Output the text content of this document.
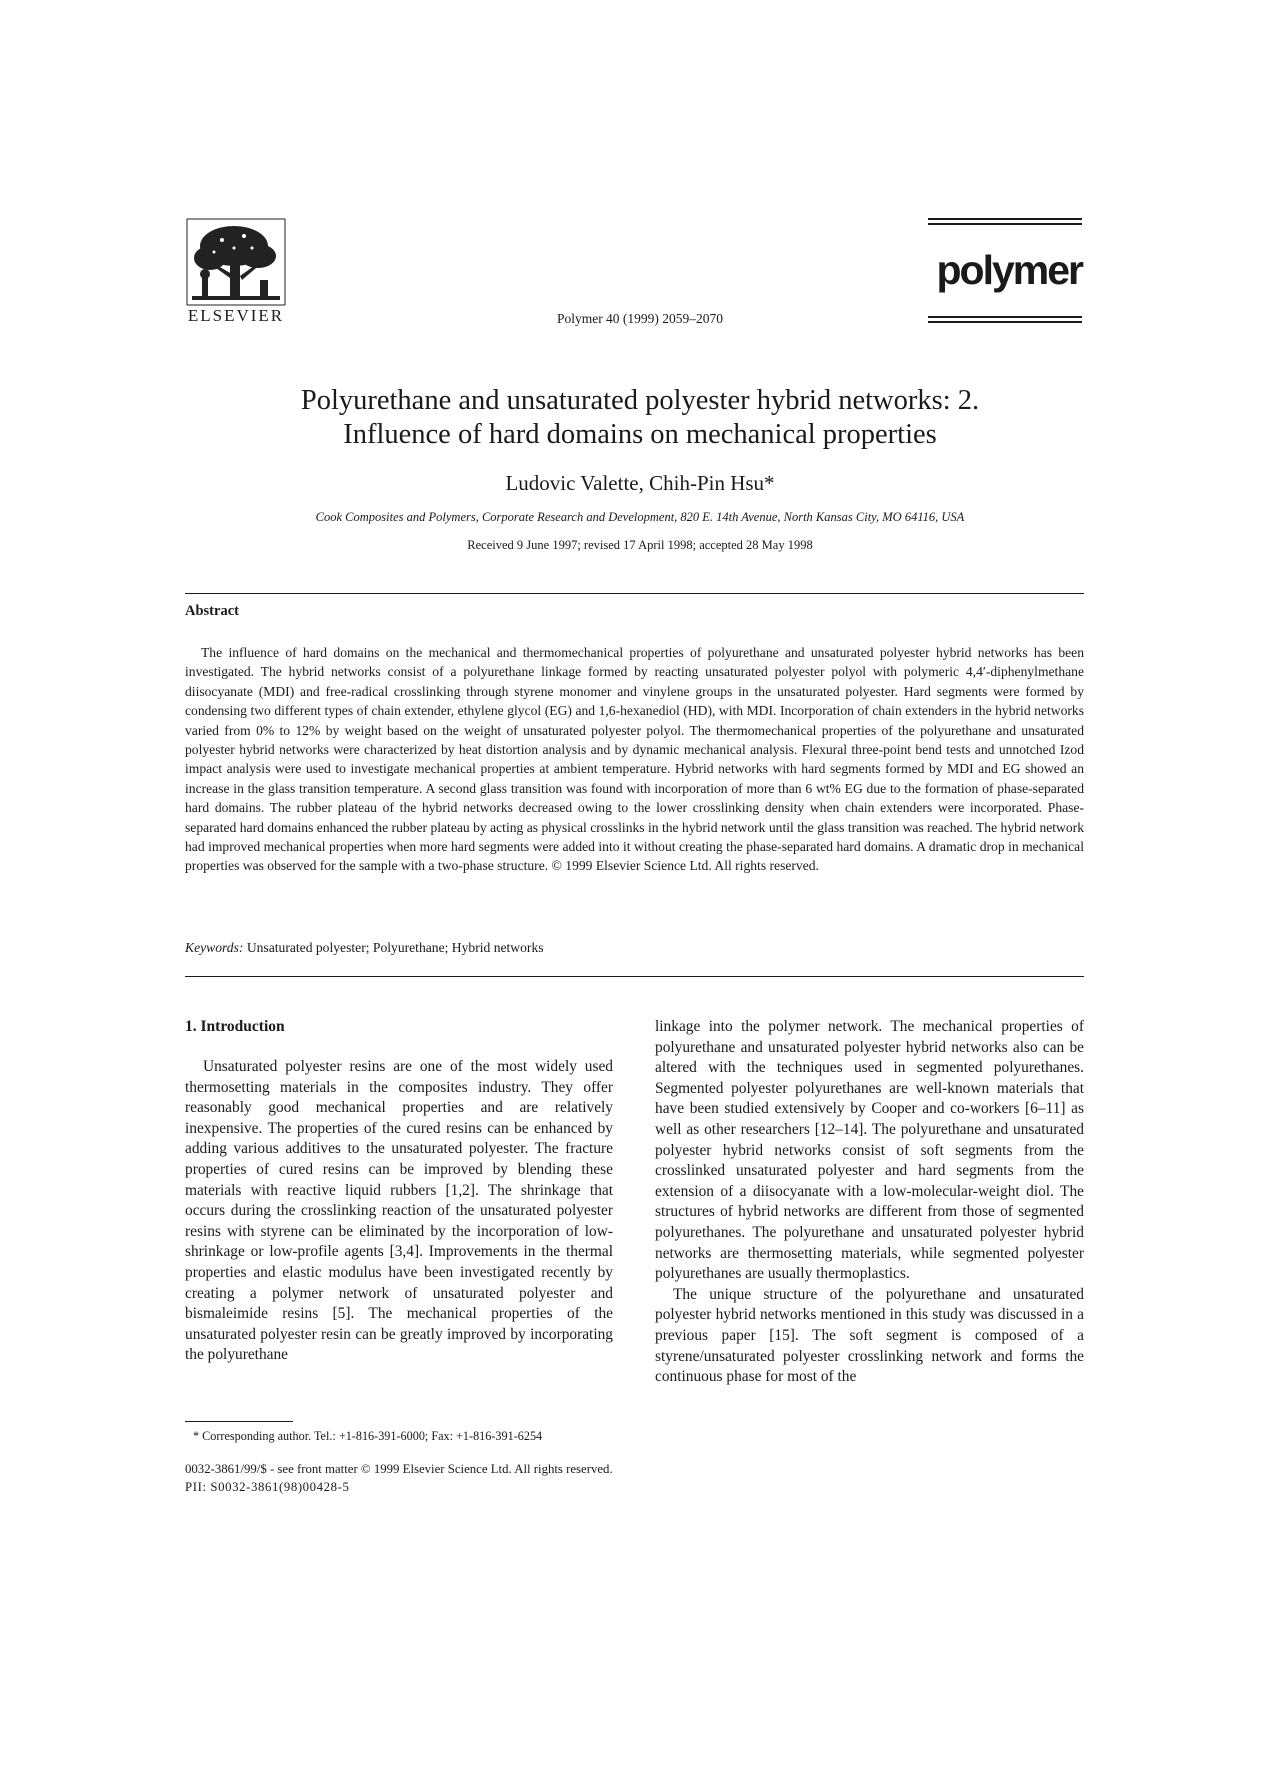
ELSEVIER	Polymer 40 (1999) 2059–2070
polymer
Polyurethane and unsaturated polyester hybrid networks: 2.
Influence of hard domains on mechanical properties
Ludovic Valette, Chih-Pin Hsu*
Cook Composites and Polymers, Corporate Research and Development, 820 E. 14th Avenue, North Kansas City, MO 64116, USA
Received 9 June 1997; revised 17 April 1998; accepted 28 May 1998
Abstract

The influence of hard domains on the mechanical and thermomechanical properties of polyurethane and unsaturated polyester hybrid networks has been investigated. The hybrid networks consist of a polyurethane linkage formed by reacting unsaturated polyester polyol with polymeric 4,4′-diphenylmethane diisocyanate (MDI) and free-radical crosslinking through styrene monomer and vinylene groups in the unsaturated polyester. Hard segments were formed by condensing two different types of chain extender, ethylene glycol (EG) and 1,6-hexanediol (HD), with MDI. Incorporation of chain extenders in the hybrid networks varied from 0% to 12% by weight based on the weight of unsaturated polyester polyol. The thermomechanical properties of the polyurethane and unsaturated polyester hybrid networks were characterized by heat distortion analysis and by dynamic mechanical analysis. Flexural three-point bend tests and unnotched Izod impact analysis were used to investigate mechanical properties at ambient temperature. Hybrid networks with hard segments formed by MDI and EG showed an increase in the glass transition temperature. A second glass transition was found with incorporation of more than 6 wt% EG due to the formation of phase-separated hard domains. The rubber plateau of the hybrid networks decreased owing to the lower crosslinking density when chain extenders were incorporated. Phase-separated hard domains enhanced the rubber plateau by acting as physical crosslinks in the hybrid network until the glass transition was reached. The hybrid network had improved mechanical properties when more hard segments were added into it without creating the phase-separated hard domains. A dramatic drop in mechanical properties was observed for the sample with a two-phase structure. © 1999 Elsevier Science Ltd. All rights reserved.

Keywords: Unsaturated polyester; Polyurethane; Hybrid networks
1. Introduction

Unsaturated polyester resins are one of the most widely used thermosetting materials in the composites industry. They offer reasonably good mechanical properties and are relatively inexpensive. The properties of the cured resins can be enhanced by adding various additives to the unsaturated polyester. The fracture properties of cured resins can be improved by blending these materials with reactive liquid rubbers [1,2]. The shrinkage that occurs during the crosslinking reaction of the unsaturated polyester resins with styrene can be eliminated by the incorporation of low-shrinkage or low-profile agents [3,4]. Improvements in the thermal properties and elastic modulus have been investigated recently by creating a polymer network of unsaturated polyester and bismaleimide resins [5]. The mechanical properties of the unsaturated polyester resin can be greatly improved by incorporating the polyurethane

linkage into the polymer network. The mechanical properties of polyurethane and unsaturated polyester hybrid networks also can be altered with the techniques used in segmented polyurethanes. Segmented polyester polyurethanes are well-known materials that have been studied extensively by Cooper and co-workers [6–11] as well as other researchers [12–14]. The polyurethane and unsaturated polyester hybrid networks consist of soft segments from the crosslinked unsaturated polyester and hard segments from the extension of a diisocyanate with a low-molecular-weight diol. The structures of hybrid networks are different from those of segmented polyurethanes. The polyurethane and unsaturated polyester hybrid networks are thermosetting materials, while segmented polyester polyurethanes are usually thermoplastics.

The unique structure of the polyurethane and unsaturated polyester hybrid networks mentioned in this study was discussed in a previous paper [15]. The soft segment is composed of a styrene/unsaturated polyester crosslinking network and forms the continuous phase for most of the

* Corresponding author. Tel.: +1-816-391-6000; Fax: +1-816-391-6254
0032-3861/99/$ - see front matter © 1999 Elsevier Science Ltd. All rights reserved.
PII: S0032-3861(98)00428-5
